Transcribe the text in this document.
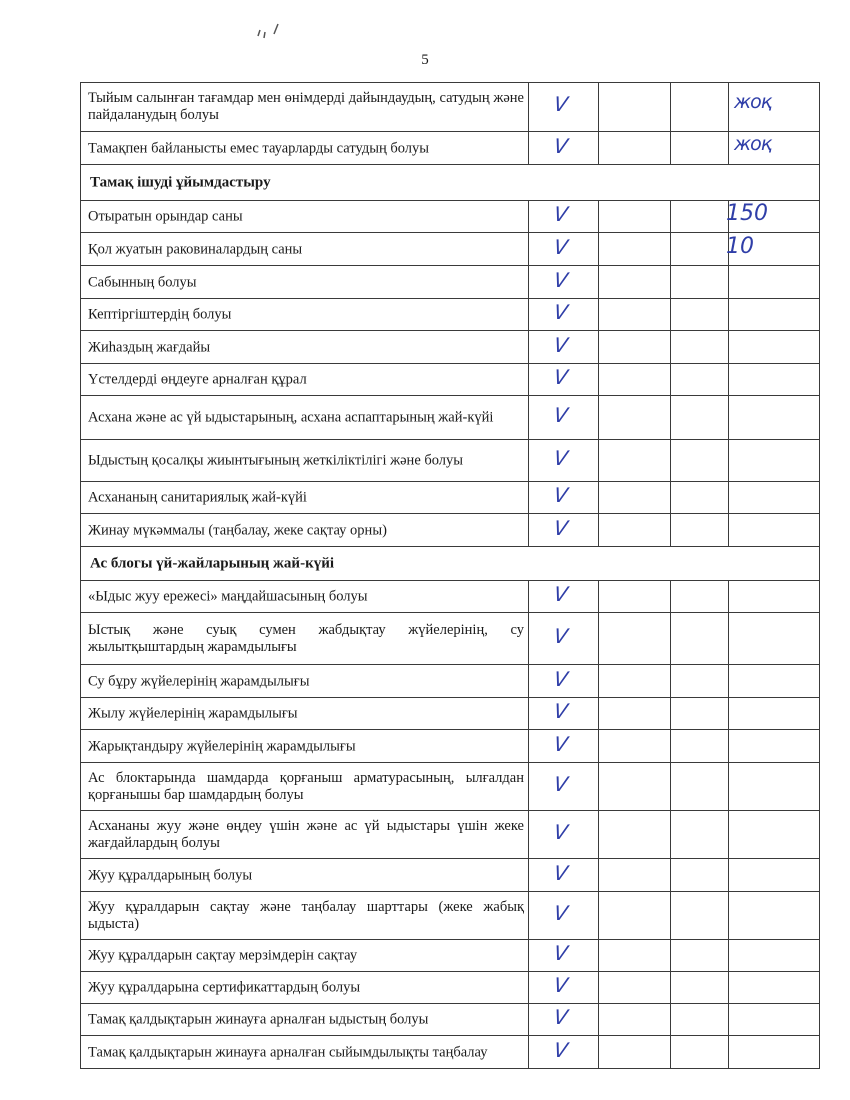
5
Тыйым салынған тағамдар мен өнімдерді дайындаудың, сатудың және пайдаланудың болуы	V	жоқ
Тамақпен байланысты емес тауарларды сатудың болуы	V	жоқ
Тамақ ішуді ұйымдастыру
Отыратын орындар саны	V	150
Қол жуатын раковиналардың саны	V	10
Сабынның болуы	V
Кептіргіштердің болуы	V
Жиһаздың жағдайы	V
Үстелдерді өңдеуге арналған құрал	V
Асхана және ас үй ыдыстарының, асхана аспаптарының жай-күйі	V
Ыдыстың қосалқы жиынтығының жеткіліктілігі және болуы	V
Асхананың санитариялық жай-күйі	V
Жинау мүкәммалы (таңбалау, жеке сақтау орны)	V
Ас блогы үй-жайларының жай-күйі
«Ыдыс жуу ережесі» маңдайшасының болуы	V
Ыстық және суық сумен жабдықтау жүйелерінің, су жылытқыштардың жарамдылығы	V
Су бұру жүйелерінің жарамдылығы	V
Жылу жүйелерінің жарамдылығы	V
Жарықтандыру жүйелерінің жарамдылығы	V
Ас блоктарында шамдарда қорғаныш арматурасының, ылғалдан қорғанышы бар шамдардың болуы	V
Асхананы жуу және өңдеу үшін және ас үй ыдыстары үшін жеке жағдайлардың болуы	V
Жуу құралдарының болуы	V
Жуу құралдарын сақтау және таңбалау шарттары (жеке жабық ыдыста)	V
Жуу құралдарын сақтау мерзімдерін сақтау	V
Жуу құралдарына сертификаттардың болуы	V
Тамақ қалдықтарын жинауға арналған ыдыстың болуы	V
Тамақ қалдықтарын жинауға арналған сыйымдылықты таңбалау	V
